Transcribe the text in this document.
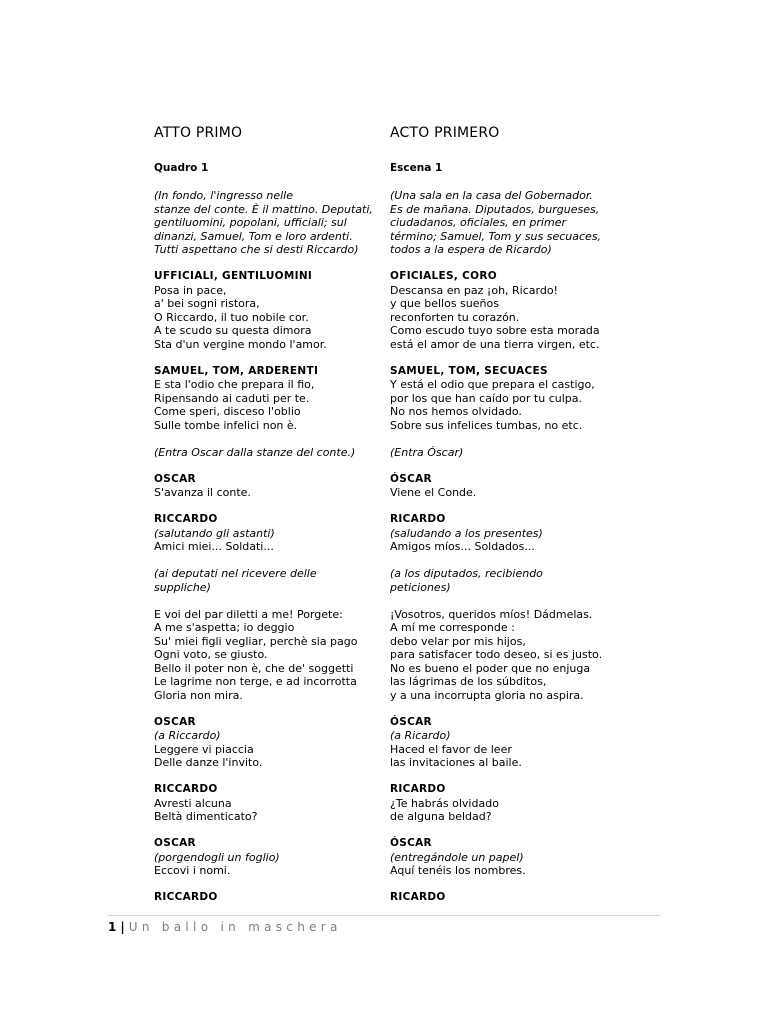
ATTO PRIMO
Quadro 1
(In fondo, l'ingresso nelle
stanze del conte. È il mattino. Deputati,
gentiluomini, popolani, ufficiali; sul
dinanzi, Samuel, Tom e loro ardenti.
Tutti aspettano che si desti Riccardo)
UFFICIALI, GENTILUOMINI
Posa in pace,
a' bei sogni ristora,
O Riccardo, il tuo nobile cor.
A te scudo su questa dimora
Sta d'un vergine mondo l'amor.
SAMUEL, TOM, ARDERENTI
E sta l'odio che prepara il fio,
Ripensando ai caduti per te.
Come speri, disceso l'oblio
Sulle tombe infelici non è.
(Entra Oscar dalla stanze del conte.)
OSCAR
S'avanza il conte.
RICCARDO
(salutando gli astanti)
Amici miei... Soldati...
(ai deputati nel ricevere delle
suppliche)
E voi del par diletti a me! Porgete:
A me s'aspetta; io deggio
Su' miei figli vegliar, perchè sia pago
Ogni voto, se giusto.
Bello il poter non è, che de' soggetti
Le lagrime non terge, e ad incorrotta
Gloria non mira.
OSCAR
(a Riccardo)
Leggere vi piaccia
Delle danze l'invito.
RICCARDO
Avresti alcuna
Beltà dimenticato?
OSCAR
(porgendogli un foglio)
Eccovi i nomi.
RICCARDO
ACTO PRIMERO
Escena 1
(Una sala en la casa del Gobernador.
Es de mañana. Diputados, burgueses,
ciudadanos, oficiales, en primer
término; Samuel, Tom y sus secuaces,
todos a la espera de Ricardo)
OFICIALES, CORO
Descansa en paz ¡oh, Ricardo!
y que bellos sueños
reconforten tu corazón.
Como escudo tuyo sobre esta morada
está el amor de una tierra virgen, etc.
SAMUEL, TOM, SECUACES
Y está el odio que prepara el castigo,
por los que han caído por tu culpa.
No nos hemos olvidado.
Sobre sus infelices tumbas, no etc.
(Entra Óscar)
ÓSCAR
Viene el Conde.
RICARDO
(saludando a los presentes)
Amigos míos... Soldados...
(a los diputados, recibiendo
peticiones)
¡Vosotros, queridos míos! Dádmelas.
A mí me corresponde :
debo velar por mis hijos,
para satisfacer todo deseo, si es justo.
No es bueno el poder que no enjuga
las lágrimas de los súbditos,
y a una incorrupta gloria no aspira.
ÓSCAR
(a Ricardo)
Haced el favor de leer
las invitaciones al baile.
RICARDO
¿Te habrás olvidado
de alguna beldad?
ÓSCAR
(entregándole un papel)
Aquí tenéis los nombres.
RICARDO
1 | Un ballo in maschera
